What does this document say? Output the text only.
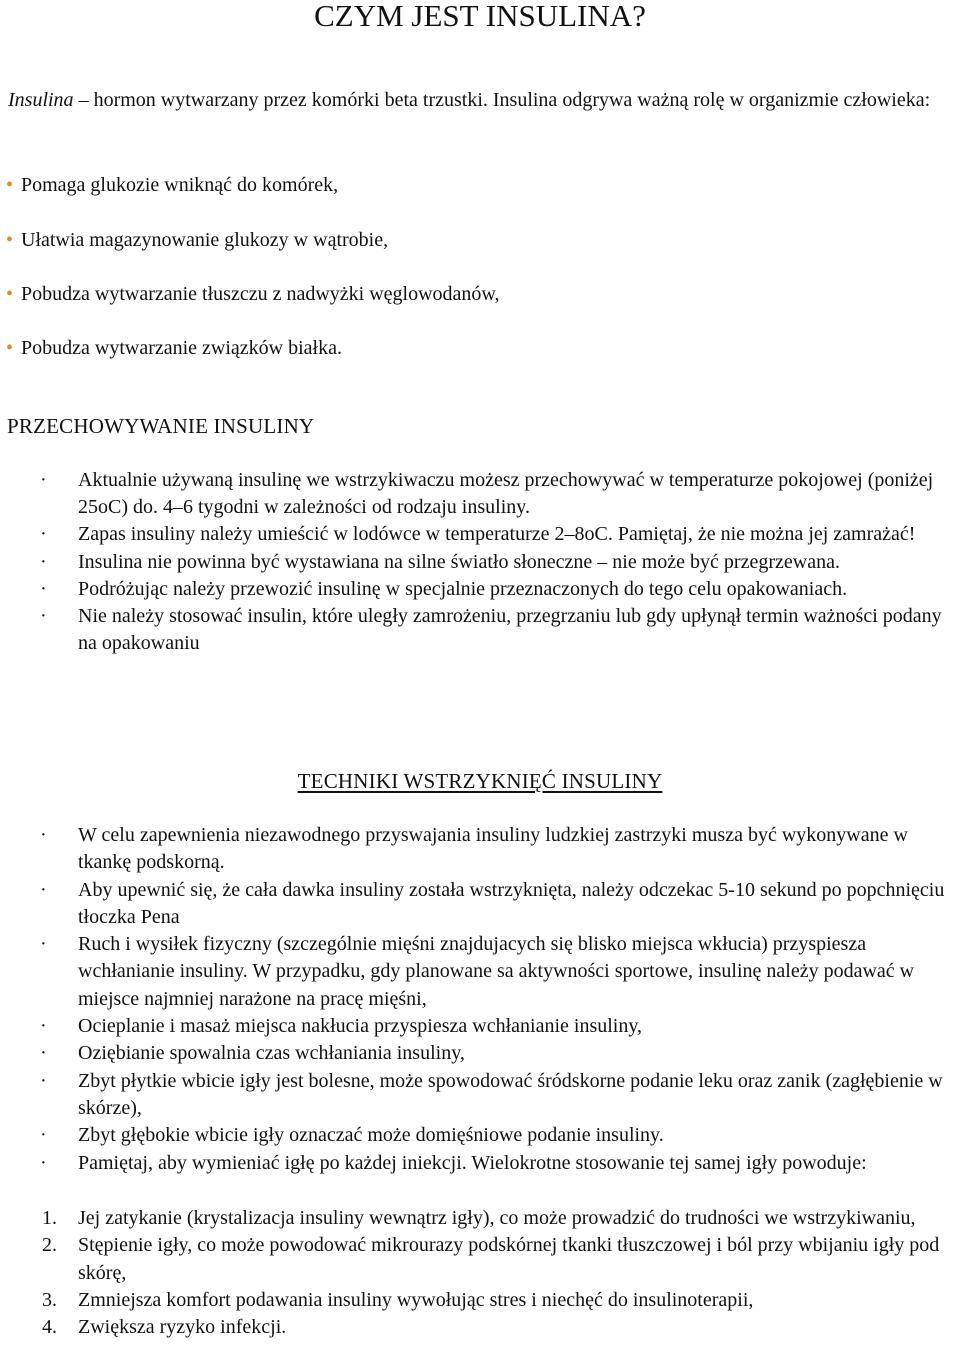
CZYM JEST INSULINA?

Insulina – hormon wytwarzany przez komórki beta trzustki. Insulina odgrywa ważną rolę w organizmie człowieka:

• Pomaga glukozie wniknąć do komórek,

• Ułatwia magazynowanie glukozy w wątrobie,

• Pobudza wytwarzanie tłuszczu z nadwyżki węglowodanów,

• Pobudza wytwarzanie związków białka.

PRZECHOWYWANIE INSULINY
·	Aktualnie używaną insulinę we wstrzykiwaczu możesz przechowywać w temperaturze pokojowej (poniżej 25oC) do. 4–6 tygodni w zależności od rodzaju insuliny.
·	Zapas insuliny należy umieścić w lodówce w temperaturze 2–8oC. Pamiętaj, że nie można jej zamrażać!
·	Insulina nie powinna być wystawiana na silne światło słoneczne – nie może być przegrzewana.
·	Podróżując należy przewozić insulinę w specjalnie przeznaczonych do tego celu opakowaniach.
·	Nie należy stosować insulin, które uległy zamrożeniu, przegrzaniu lub gdy upłynął termin ważności podany na opakowaniu
TECHNIKI WSTRZYKNIĘĆ INSULINY
·	W celu zapewnienia niezawodnego przyswajania insuliny ludzkiej zastrzyki musza być wykonywane w tkankę podskorną.
·	Aby upewnić się, że cała dawka insuliny została wstrzyknięta, należy odczekac 5-10 sekund po popchnięciu tłoczka Pena
·	Ruch i wysiłek fizyczny (szczególnie mięśni znajdujacych się blisko miejsca wkłucia) przyspiesza wchłanianie insuliny. W przypadku, gdy planowane sa aktywności sportowe, insulinę należy podawać w miejsce najmniej narażone na pracę mięśni,
·	Ocieplanie i masaż miejsca nakłucia przyspiesza wchłanianie insuliny,
·	Oziębianie spowalnia czas wchłaniania insuliny,
·	Zbyt płytkie wbicie igły jest bolesne, może spowodować śródskorne podanie leku oraz zanik (zagłębienie w skórze),
·	Zbyt głębokie wbicie igły oznaczać może domięśniowe podanie insuliny.
·	Pamiętaj, aby wymieniać igłę po każdej iniekcji. Wielokrotne stosowanie tej samej igły powoduje:
1. Jej zatykanie (krystalizacja insuliny wewnątrz igły), co może prowadzić do trudności we wstrzykiwaniu,
2. Stępienie igły, co może powodować mikrourazy podskórnej tkanki tłuszczowej i ból przy wbijaniu igły pod skórę,
3. Zmniejsza komfort podawania insuliny wywołując stres i niechęć do insulinoterapii,
4. Zwiększa ryzyko infekcji.
